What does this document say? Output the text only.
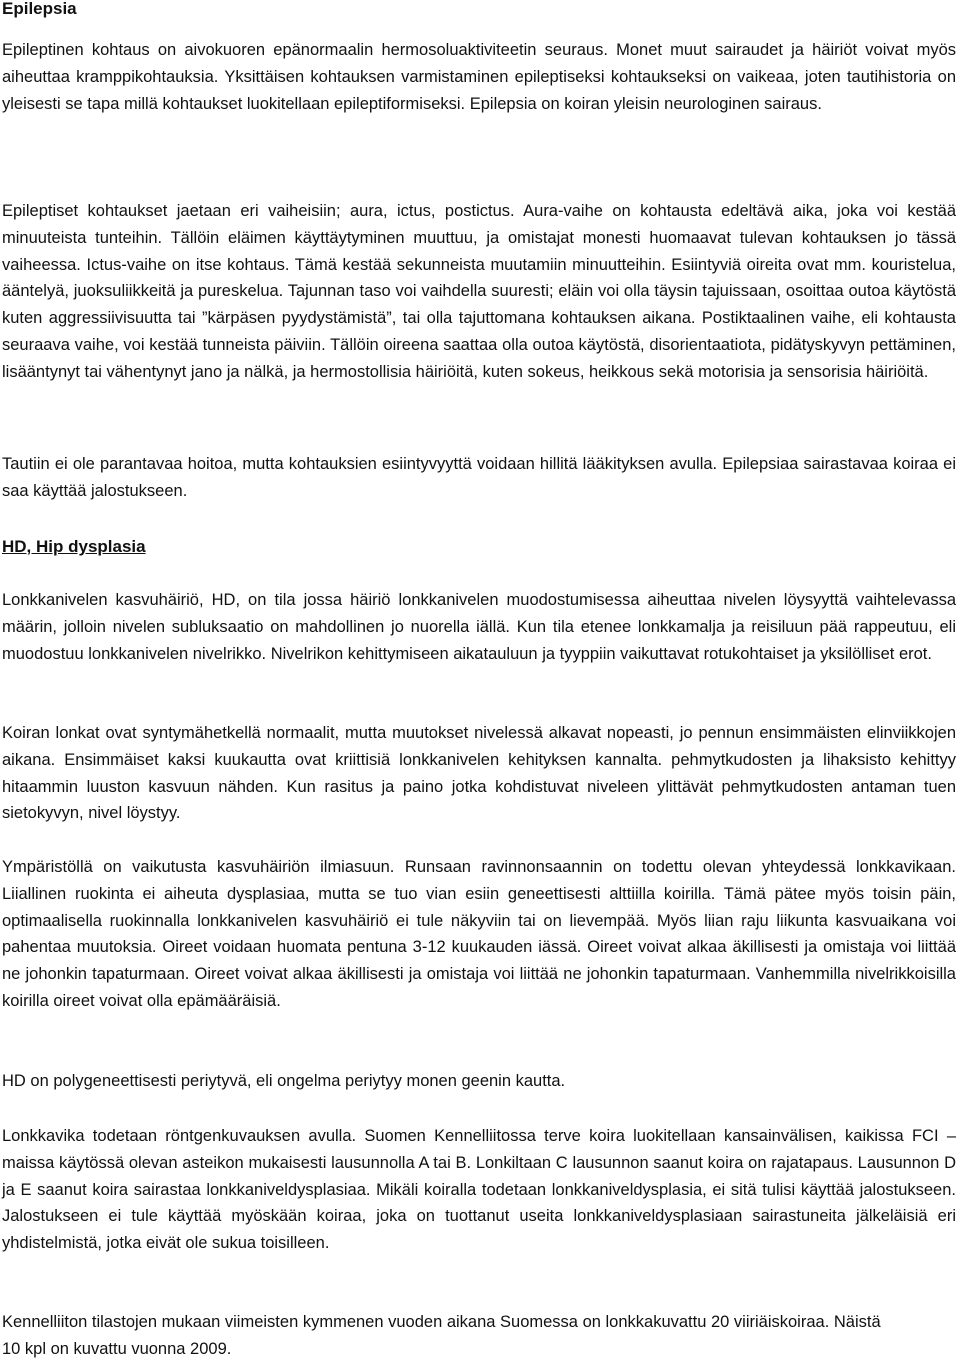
Epilepsia

Epileptinen kohtaus on aivokuoren epänormaalin hermosoluaktiviteetin seuraus. Monet muut sairaudet ja häiriöt voivat myös aiheuttaa kramppikohtauksia. Yksittäisen kohtauksen varmistaminen epileptiseksi kohtaukseksi on vaikeaa, joten tautihistoria on yleisesti se tapa millä kohtaukset luokitellaan epileptiformiseksi. Epilepsia on koiran yleisin neurologinen sairaus.

Epileptiset kohtaukset jaetaan eri vaiheisiin; aura, ictus, postictus. Aura-vaihe on kohtausta edeltävä aika, joka voi kestää minuuteista tunteihin. Tällöin eläimen käyttäytyminen muuttuu, ja omistajat monesti huomaavat tulevan kohtauksen jo tässä vaiheessa. Ictus-vaihe on itse kohtaus. Tämä kestää sekunneista muutamiin minuutteihin. Esiintyviä oireita ovat mm. kouristelua, ääntelyä, juoksuliikkeitä ja pureskelua. Tajunnan taso voi vaihdella suuresti; eläin voi olla täysin tajuissaan, osoittaa outoa käytöstä kuten aggressiivisuutta tai ”kärpäsen pyydystämistä”, tai olla tajuttomana kohtauksen aikana. Postiktaalinen vaihe, eli kohtausta seuraava vaihe, voi kestää tunneista päiviin. Tällöin oireena saattaa olla outoa käytöstä, disorientaatiota, pidätyskyvyn pettäminen, lisääntynyt tai vähentynyt jano ja nälkä, ja hermostollisia häiriöitä, kuten sokeus, heikkous sekä motorisia ja sensorisia häiriöitä.

Tautiin ei ole parantavaa hoitoa, mutta kohtauksien esiintyvyyttä voidaan hillitä lääkityksen avulla. Epilepsiaa sairastavaa koiraa ei saa käyttää jalostukseen.

HD, Hip dysplasia

Lonkkanivelen kasvuhäiriö, HD, on tila jossa häiriö lonkkanivelen muodostumisessa aiheuttaa nivelen löysyyttä vaihtelevassa määrin, jolloin nivelen subluksaatio on mahdollinen jo nuorella iällä. Kun tila etenee lonkkamalja ja reisiluun pää rappeutuu, eli muodostuu lonkkanivelen nivelrikko. Nivelrikon kehittymiseen aikatauluun ja tyyppiin vaikuttavat rotukohtaiset ja yksilölliset erot.

Koiran lonkat ovat syntymähetkellä normaalit, mutta muutokset nivelessä alkavat nopeasti, jo pennun ensimmäisten elinviikkojen aikana. Ensimmäiset kaksi kuukautta ovat kriittisiä lonkkanivelen kehityksen kannalta. pehmytkudosten ja lihaksisto kehittyy hitaammin luuston kasvuun nähden. Kun rasitus ja paino jotka kohdistuvat niveleen ylittävät pehmytkudosten antaman tuen sietokyvyn, nivel löystyy.

Ympäristöllä on vaikutusta kasvuhäiriön ilmiasuun. Runsaan ravinnonsaannin on todettu olevan yhteydessä lonkkavikaan. Liiallinen ruokinta ei aiheuta dysplasiaa, mutta se tuo vian esiin geneettisesti alttiilla koirilla. Tämä pätee myös toisin päin, optimaalisella ruokinnalla lonkkanivelen kasvuhäiriö ei tule näkyviin tai on lievempää. Myös liian raju liikunta kasvuaikana voi pahentaa muutoksia. Oireet voidaan huomata pentuna 3-12 kuukauden iässä. Oireet voivat alkaa äkillisesti ja omistaja voi liittää ne johonkin tapaturmaan. Oireet voivat alkaa äkillisesti ja omistaja voi liittää ne johonkin tapaturmaan. Vanhemmilla nivelrikkoisilla koirilla oireet voivat olla epämääräisiä.

HD on polygeneettisesti periytyvä, eli ongelma periytyy monen geenin kautta.

Lonkkavika todetaan röntgenkuvauksen avulla. Suomen Kennelliitossa terve koira luokitellaan kansainvälisen, kaikissa FCI –maissa käytössä olevan asteikon mukaisesti lausunnolla A tai B. Lonkiltaan C lausunnon saanut koira on rajatapaus. Lausunnon D ja E saanut koira sairastaa lonkkaniveldysplasiaa. Mikäli koiralla todetaan lonkkaniveldysplasia, ei sitä tulisi käyttää jalostukseen. Jalostukseen ei tule käyttää myöskään koiraa, joka on tuottanut useita lonkkaniveldysplasiaan sairastuneita jälkeläisiä eri yhdistelmistä, jotka eivät ole sukua toisilleen.

Kennelliiton tilastojen mukaan viimeisten kymmenen vuoden aikana Suomessa on lonkkakuvattu 20 viiriäiskoiraa. Näistä 10 kpl on kuvattu vuonna 2009.
